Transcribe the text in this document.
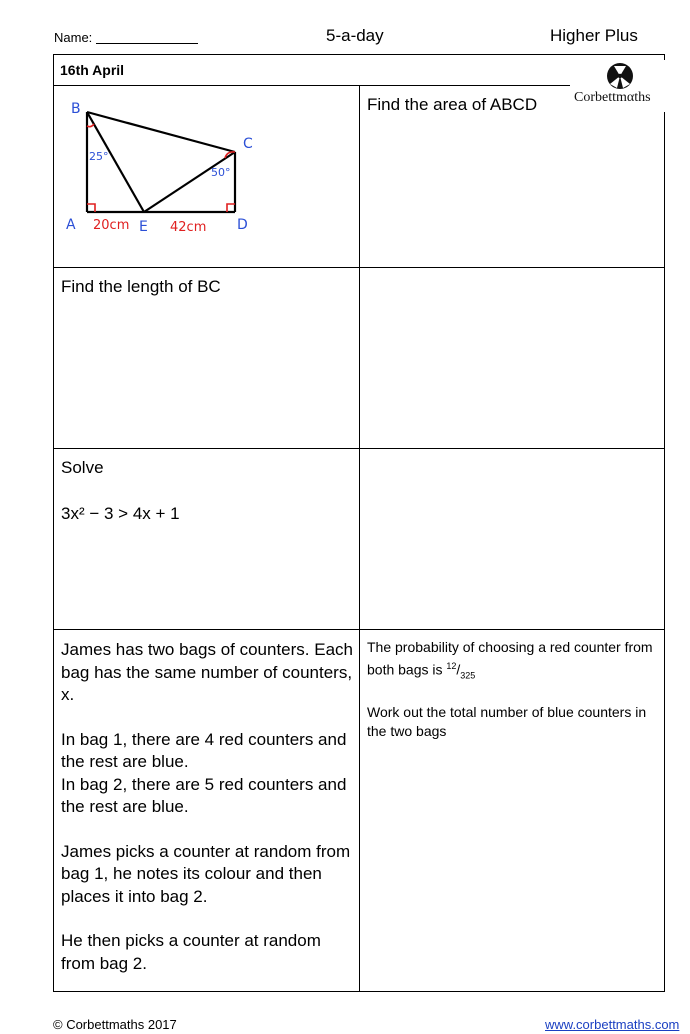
Name:	5-a-day	Higher Plus
16th April
Corbettmαths
B
C
A	E	D
25°
50°
20cm	42cm
Find the area of ABCD
Find the length of BC
Solve
3x² − 3 > 4x + 1

James has two bags of counters. Each bag has the same number of counters, x.

In bag 1, there are 4 red counters and the rest are blue.

In bag 2, there are 5 red counters and the rest are blue.

James picks a counter at random from bag 1, he notes its colour and then places it into bag 2.

He then picks a counter at random from bag 2.

The probability of choosing a red counter from both bags is $^{12}/_{325}$

Work out the total number of blue counters in the two bags

© Corbettmaths 2017	www.corbettmaths.com
